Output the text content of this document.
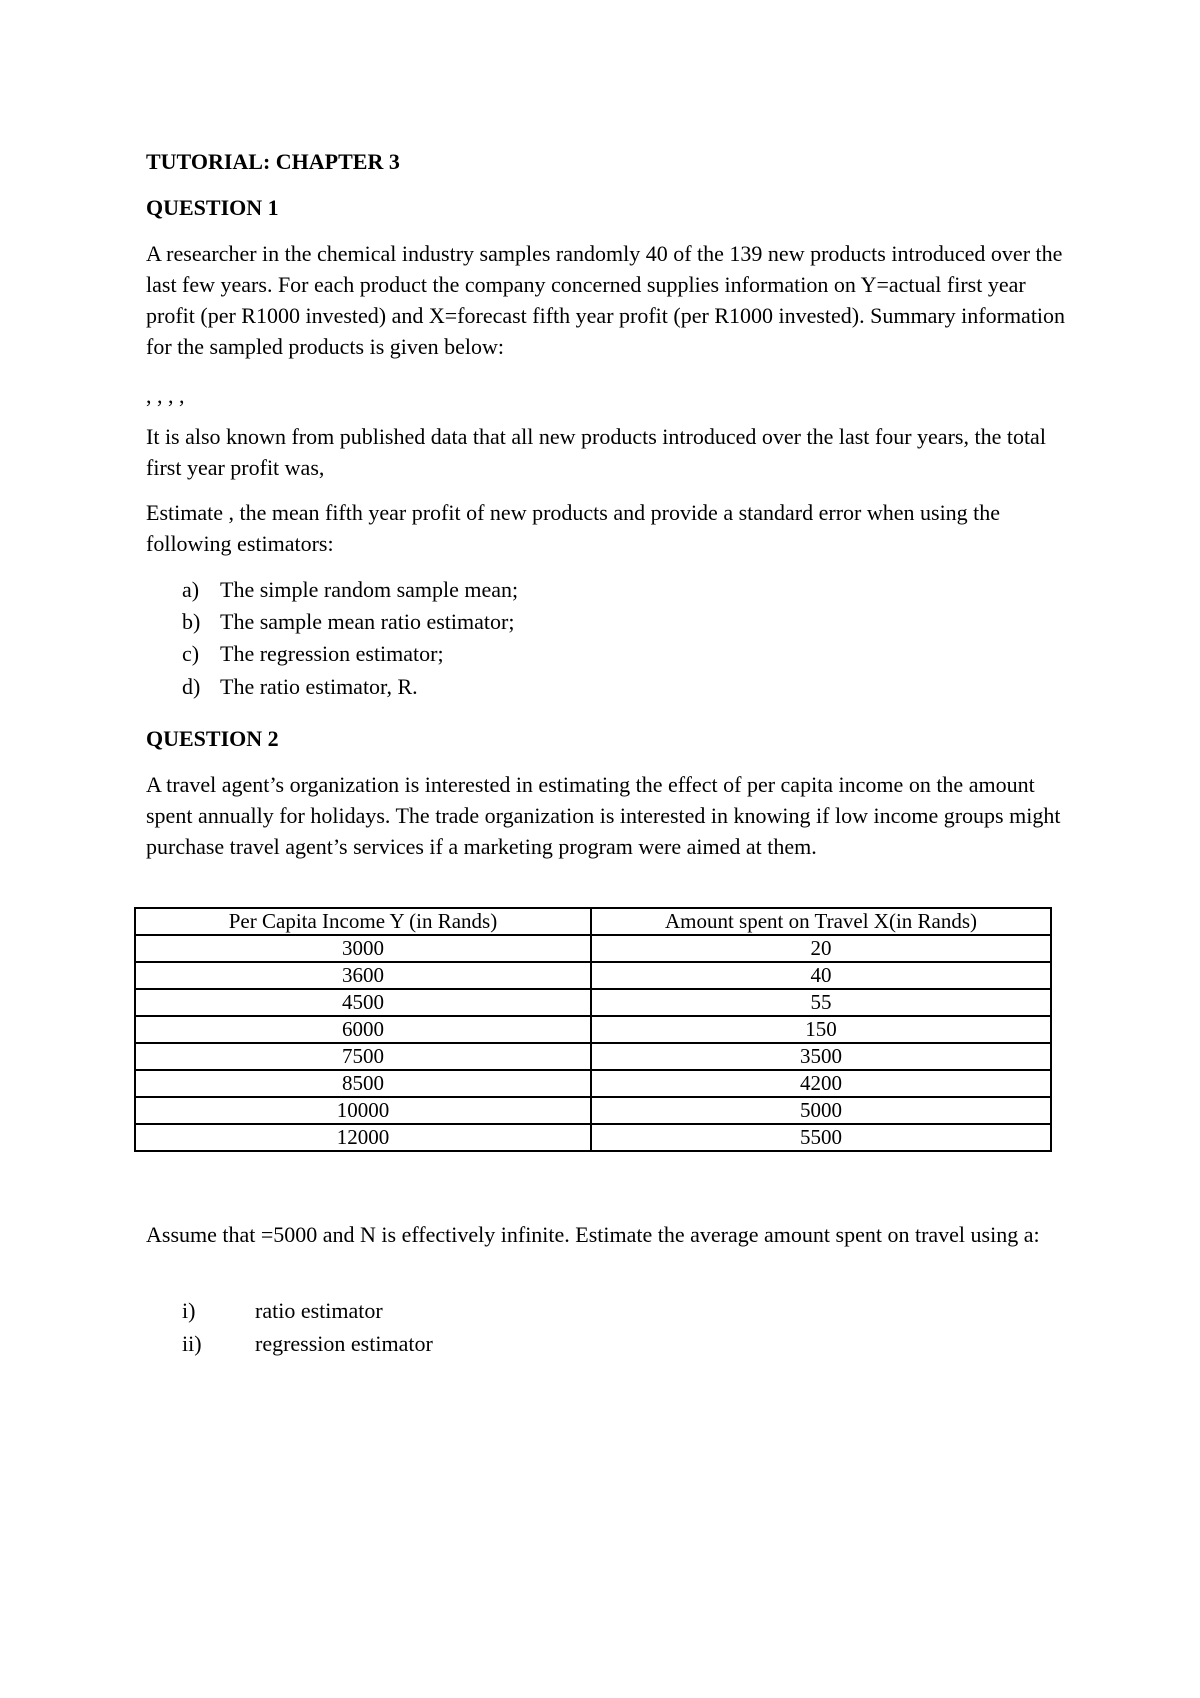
TUTORIAL: CHAPTER 3

QUESTION 1

A researcher in the chemical industry samples randomly 40 of the 139 new products introduced over the last few years. For each product the company concerned supplies information on Y=actual first year profit (per R1000 invested) and X=forecast fifth year profit (per R1000 invested). Summary information for the sampled products is given below:

, , , ,

It is also known from published data that all new products introduced over the last four years, the total first year profit was,

Estimate , the mean fifth year profit of new products and provide a standard error when using the following estimators:

a) The simple random sample mean;
b) The sample mean ratio estimator;
c) The regression estimator;
d) The ratio estimator, R.

QUESTION 2

A travel agent’s organization is interested in estimating the effect of per capita income on the amount spent annually for holidays. The trade organization is interested in knowing if low income groups might purchase travel agent’s services if a marketing program were aimed at them.

Per Capita Income Y (in Rands)	Amount spent on Travel X(in Rands)
3000	20
3600	40
4500	55
6000	150
7500	3500
8500	4200
10000	5000
12000	5500

Assume that =5000 and N is effectively infinite. Estimate the average amount spent on travel using a:

i)	ratio estimator
ii) regression estimator
